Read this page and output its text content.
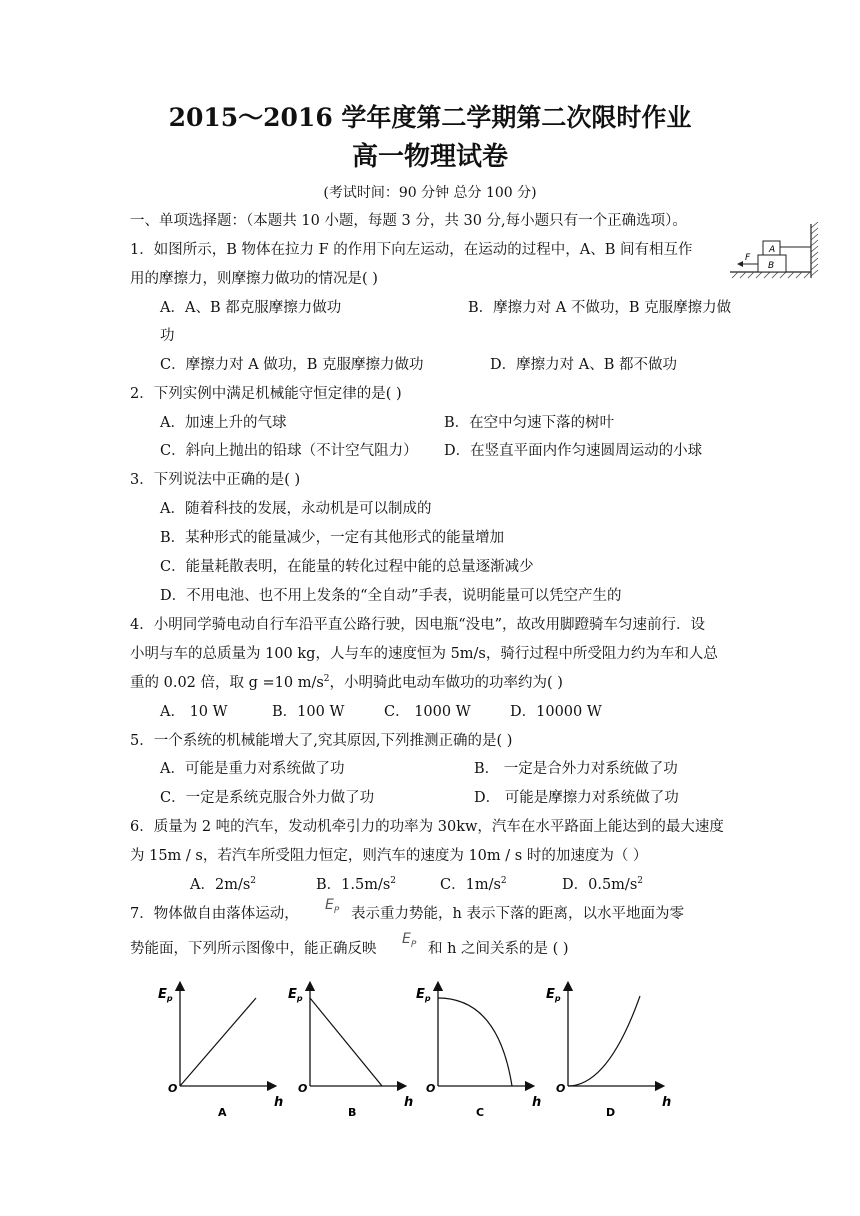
2015～2016 学年度第二学期第二次限时作业
高一物理试卷
(考试时间：90 分钟 总分 100 分)
一、单项选择题：（本题共 10 小题，每题 3 分，共 30 分,每小题只有一个正确选项）。
1．如图所示，B 物体在拉力 F 的作用下向左运动，在运动的过程中，A、B 间有相互作
用的摩擦力，则摩擦力做功的情况是( )
A．A、B 都克服摩擦力做功	B．摩擦力对 A 不做功，B 克服摩擦力做
功
C．摩擦力对 A 做功，B 克服摩擦力做功	D．摩擦力对 A、B 都不做功
A
B
F
2．下列实例中满足机械能守恒定律的是( )
A．加速上升的气球	B．在空中匀速下落的树叶
C．斜向上抛出的铅球（不计空气阻力） D．在竖直平面内作匀速圆周运动的小球
3．下列说法中正确的是( )
A．随着科技的发展，永动机是可以制成的
B．某种形式的能量减少，一定有其他形式的能量增加
C．能量耗散表明，在能量的转化过程中能的总量逐渐减少
D．不用电池、也不用上发条的“全自动”手表，说明能量可以凭空产生的
4．小明同学骑电动自行车沿平直公路行驶，因电瓶“没电”，故改用脚蹬骑车匀速前行．设
小明与车的总质量为 100 kg，人与车的速度恒为 5m/s，骑行过程中所受阻力约为车和人总
重的 0.02 倍，取 g =10 $m/s^2$，小明骑此电动车做功的功率约为( )
A． 10 W	B．100 W	C． 1000 W	D．10000 W
5．一个系统的机械能增大了,究其原因,下列推测正确的是( )
A．可能是重力对系统做了功	B． 一定是合外力对系统做了功
C．一定是系统克服合外力做了功	D． 可能是摩擦力对系统做了功
6．质量为 2 吨的汽车，发动机牵引力的功率为 30kw，汽车在水平路面上能达到的最大速度
为 15m / s，若汽车所受阻力恒定，则汽车的速度为 10m / s 时的加速度为（ ）
A．$2m/s^2$	B．$1.5m/s^2$	C．$1m/s^2$	D．$0.5m/s^2$
7．物体做自由落体运动，
$E_P$ 表示重力势能，h 表示下落的距离，以水平地面为零
势能面，下列所示图像中，能正确反映
$E_P$ 和 h 之间关系的是 ( )
$E_p$
O
h
A
$E_p$
O
h
B
$E_p$
O
h
C
$E_p$
O
h
D
